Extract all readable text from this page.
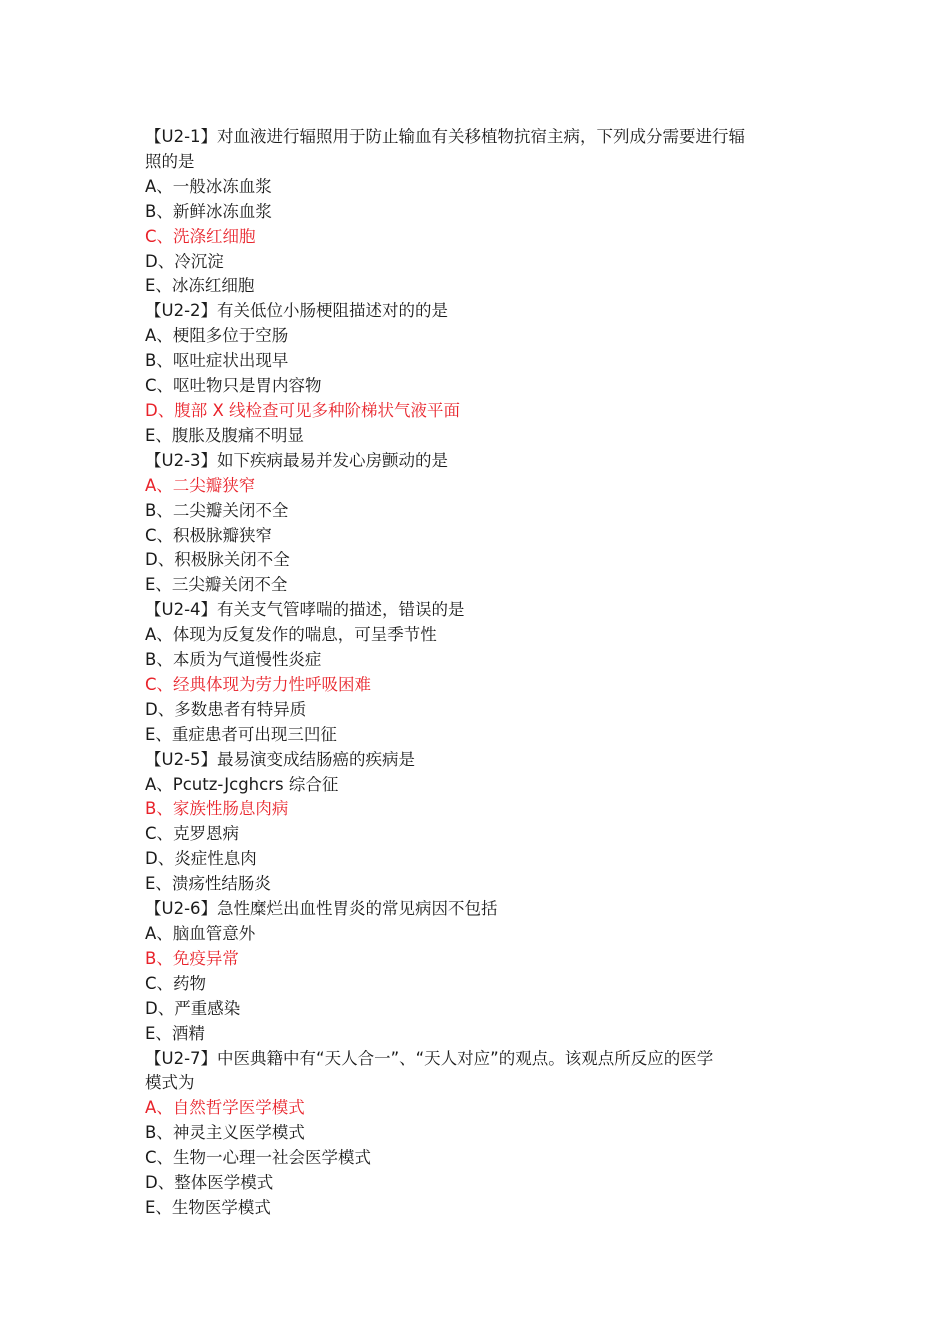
【U2-1】对血液进行辐照用于防止输血有关移植物抗宿主病，下列成分需要进行辐
照的是
A、一般冰冻血浆
B、新鲜冰冻血浆
C、洗涤红细胞
D、冷沉淀
E、冰冻红细胞
【U2-2】有关低位小肠梗阻描述对的的是
A、梗阻多位于空肠
B、呕吐症状出现早
C、呕吐物只是胃内容物
D、腹部 X 线检查可见多种阶梯状气液平面
E、腹胀及腹痛不明显
【U2-3】如下疾病最易并发心房颤动的是
A、二尖瓣狭窄
B、二尖瓣关闭不全
C、积极脉瓣狭窄
D、积极脉关闭不全
E、三尖瓣关闭不全
【U2-4】有关支气管哮喘的描述，错误的是
A、体现为反复发作的喘息，可呈季节性
B、本质为气道慢性炎症
C、经典体现为劳力性呼吸困难
D、多数患者有特异质
E、重症患者可出现三凹征
【U2-5】最易演变成结肠癌的疾病是
A、Pcutz-Jcghcrs 综合征
B、家族性肠息肉病
C、克罗恩病
D、炎症性息肉
E、溃疡性结肠炎
【U2-6】急性糜烂出血性胃炎的常见病因不包括
A、脑血管意外
B、免疫异常
C、药物
D、严重感染
E、酒精
【U2-7】中医典籍中有“天人合一”、“天人对应”的观点。该观点所反应的医学
模式为
A、自然哲学医学模式
B、神灵主义医学模式
C、生物一心理一社会医学模式
D、整体医学模式
E、生物医学模式
